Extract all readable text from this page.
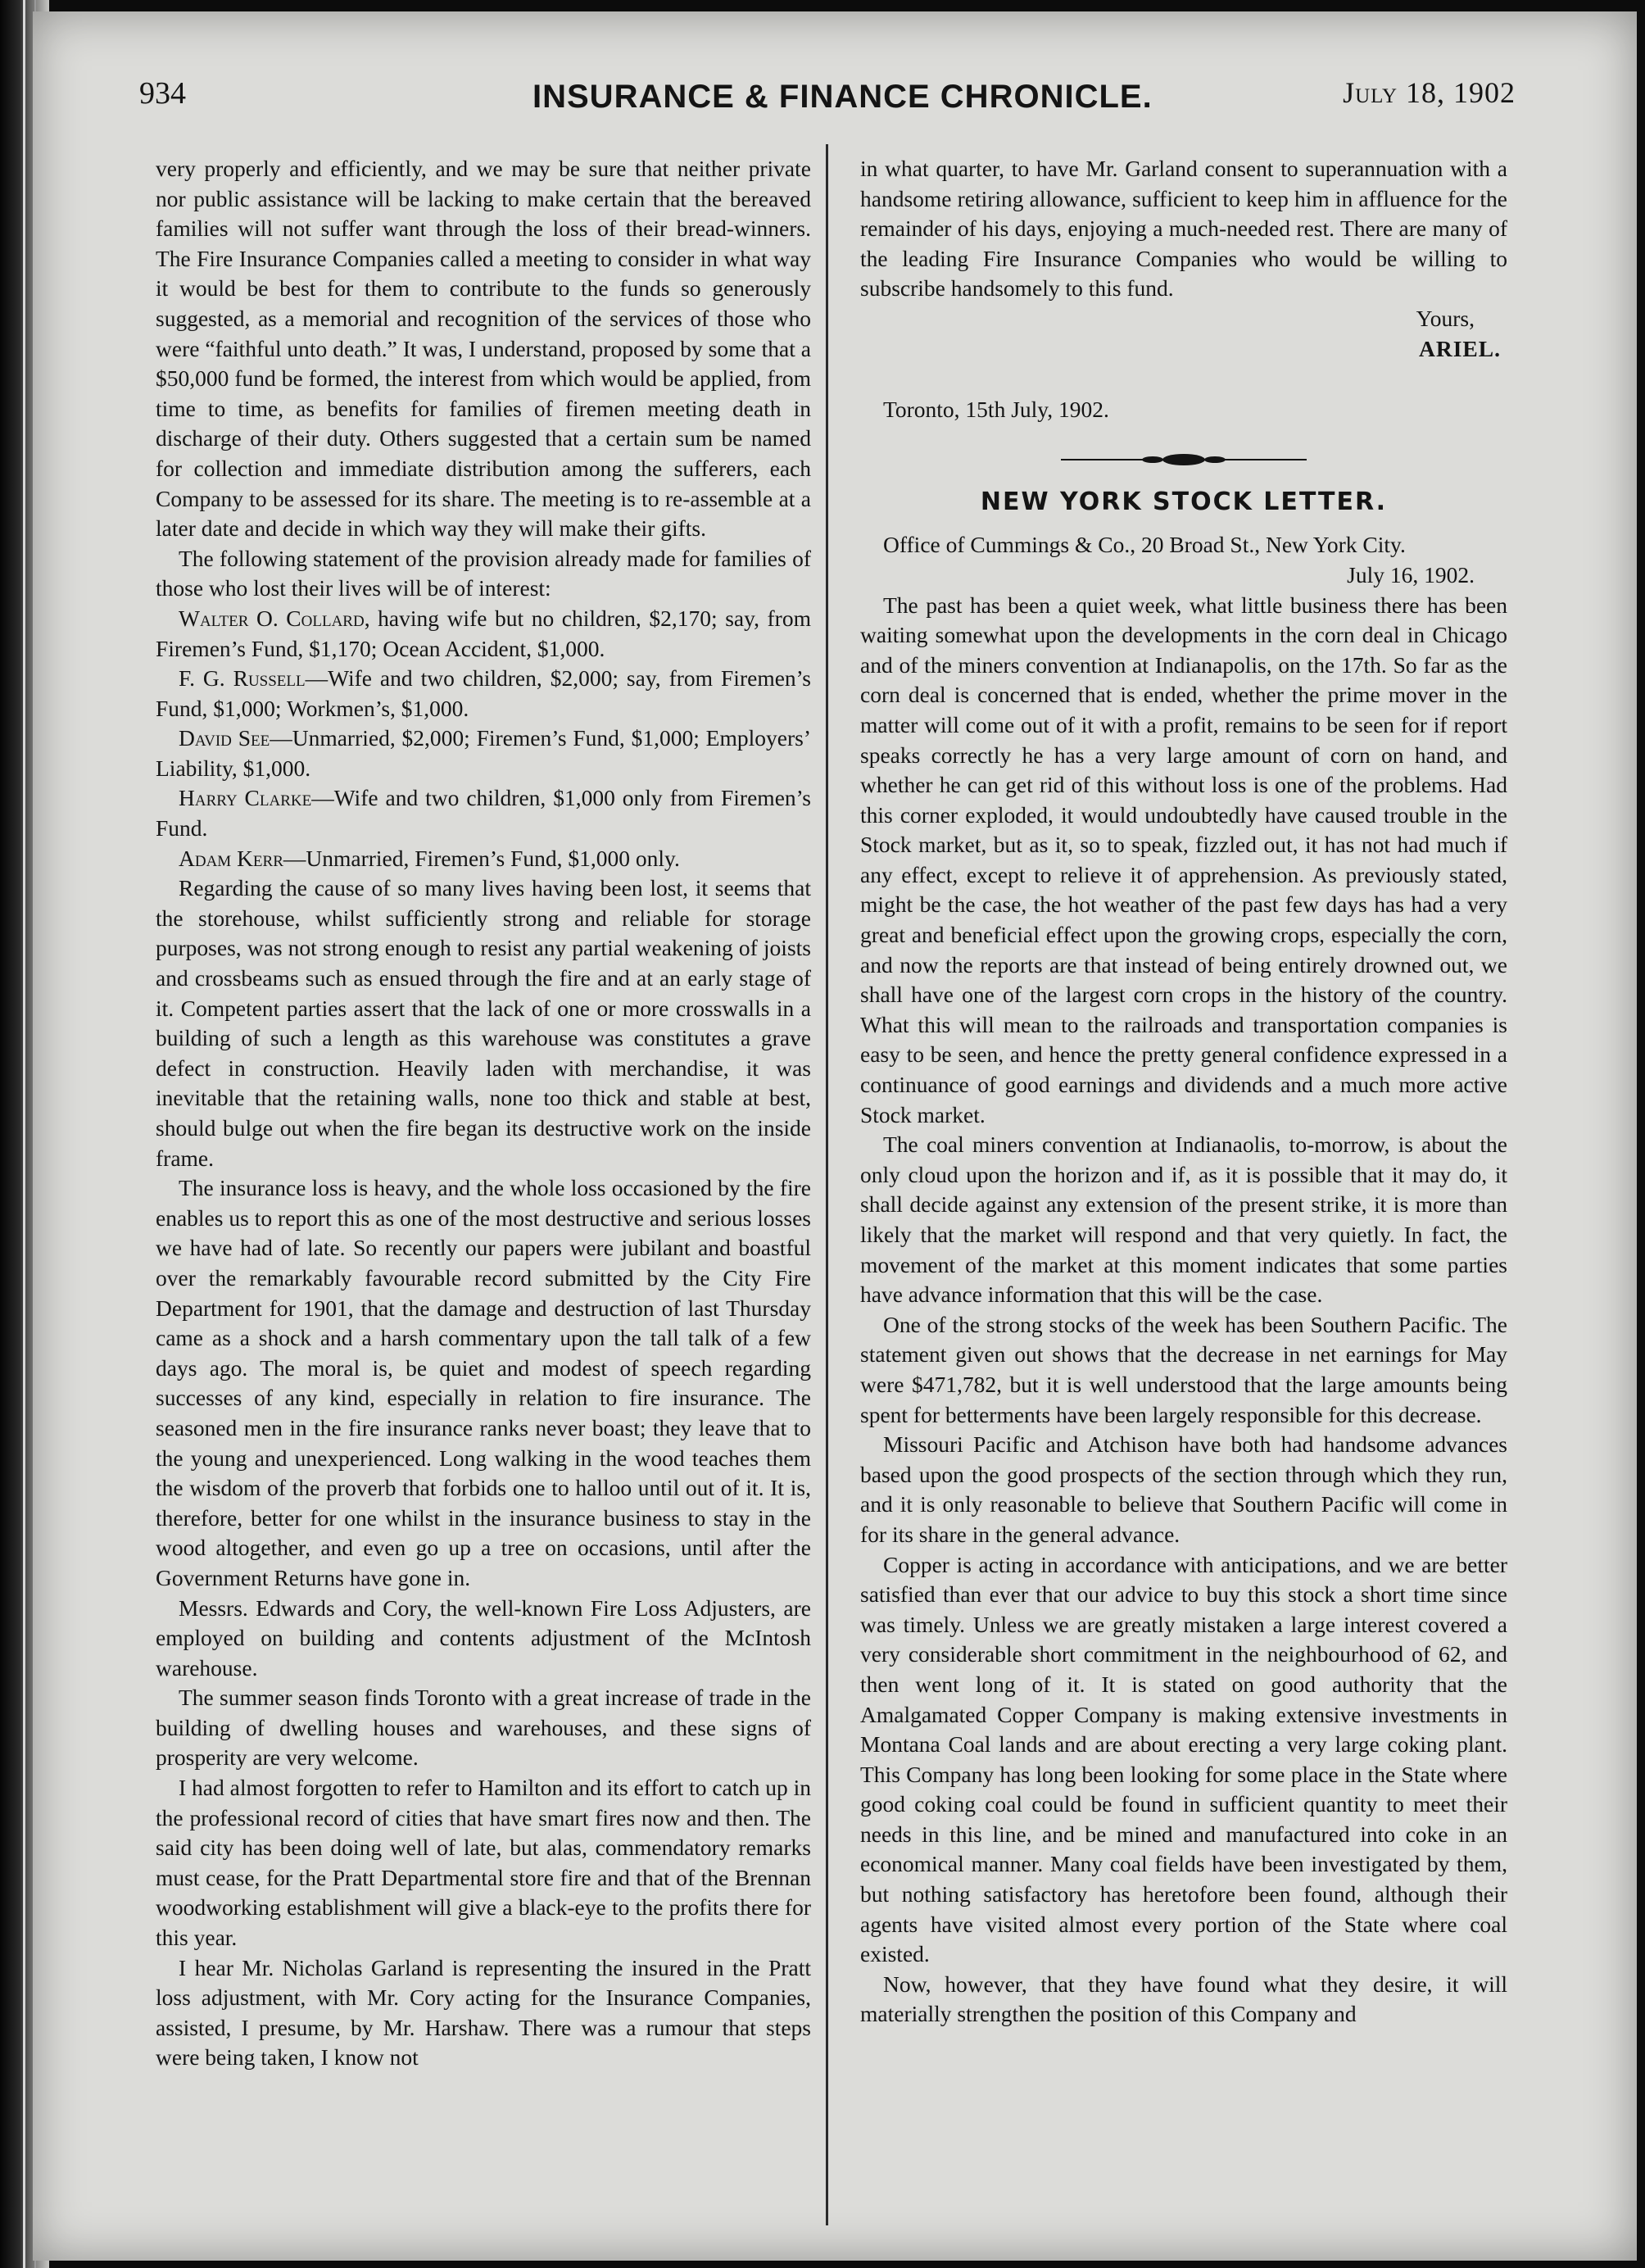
934	INSURANCE & FINANCE CHRONICLE.	July 18, 1902

very properly and efficiently, and we may be sure that neither private nor public assistance will be lacking to make certain that the bereaved families will not suffer want through the loss of their bread-winners. The Fire Insurance Companies called a meeting to consider in what way it would be best for them to contribute to the funds so generously suggested, as a memorial and recognition of the services of those who were “faithful unto death.” It was, I understand, proposed by some that a $50,000 fund be formed, the interest from which would be applied, from time to time, as benefits for families of firemen meeting death in discharge of their duty. Others suggested that a certain sum be named for collection and immediate distribution among the sufferers, each Company to be assessed for its share. The meeting is to re-assemble at a later date and decide in which way they will make their gifts.

The following statement of the provision already made for families of those who lost their lives will be of interest:

Walter O. Collard, having wife but no children, $2,170; say, from Firemen’s Fund, $1,170; Ocean Accident, $1,000.

F. G. Russell—Wife and two children, $2,000; say, from Firemen’s Fund, $1,000; Workmen’s, $1,000.

David See—Unmarried, $2,000; Firemen’s Fund, $1,000; Employers’ Liability, $1,000.

Harry Clarke—Wife and two children, $1,000 only from Firemen’s Fund.

Adam Kerr—Unmarried, Firemen’s Fund, $1,000 only.

Regarding the cause of so many lives having been lost, it seems that the storehouse, whilst sufficiently strong and reliable for storage purposes, was not strong enough to resist any partial weakening of joists and crossbeams such as ensued through the fire and at an early stage of it. Competent parties assert that the lack of one or more crosswalls in a building of such a length as this warehouse was constitutes a grave defect in construction. Heavily laden with merchandise, it was inevitable that the retaining walls, none too thick and stable at best, should bulge out when the fire began its destructive work on the inside frame.

The insurance loss is heavy, and the whole loss occasioned by the fire enables us to report this as one of the most destructive and serious losses we have had of late. So recently our papers were jubilant and boastful over the remarkably favourable record submitted by the City Fire Department for 1901, that the damage and destruction of last Thursday came as a shock and a harsh commentary upon the tall talk of a few days ago. The moral is, be quiet and modest of speech regarding successes of any kind, especially in relation to fire insurance. The seasoned men in the fire insurance ranks never boast; they leave that to the young and unexperienced. Long walking in the wood teaches them the wisdom of the proverb that forbids one to halloo until out of it. It is, therefore, better for one whilst in the insurance business to stay in the wood altogether, and even go up a tree on occasions, until after the Government Returns have gone in.

Messrs. Edwards and Cory, the well-known Fire Loss Adjusters, are employed on building and contents adjustment of the McIntosh warehouse.

The summer season finds Toronto with a great increase of trade in the building of dwelling houses and warehouses, and these signs of prosperity are very welcome.

I had almost forgotten to refer to Hamilton and its effort to catch up in the professional record of cities that have smart fires now and then. The said city has been doing well of late, but alas, commendatory remarks must cease, for the Pratt Departmental store fire and that of the Brennan woodworking establishment will give a black-eye to the profits there for this year.

I hear Mr. Nicholas Garland is representing the insured in the Pratt loss adjustment, with Mr. Cory acting for the Insurance Companies, assisted, I presume, by Mr. Harshaw. There was a rumour that steps were being taken, I know not

in what quarter, to have Mr. Garland consent to superannuation with a handsome retiring allowance, sufficient to keep him in affluence for the remainder of his days, enjoying a much-needed rest. There are many of the leading Fire Insurance Companies who would be willing to subscribe handsomely to this fund.

Yours,

ARIEL.

Toronto, 15th July, 1902.

NEW YORK STOCK LETTER.

Office of Cummings & Co., 20 Broad St., New York City.

July 16, 1902.

The past has been a quiet week, what little business there has been waiting somewhat upon the developments in the corn deal in Chicago and of the miners convention at Indianapolis, on the 17th. So far as the corn deal is concerned that is ended, whether the prime mover in the matter will come out of it with a profit, remains to be seen for if report speaks correctly he has a very large amount of corn on hand, and whether he can get rid of this without loss is one of the problems. Had this corner exploded, it would undoubtedly have caused trouble in the Stock market, but as it, so to speak, fizzled out, it has not had much if any effect, except to relieve it of apprehension. As previously stated, might be the case, the hot weather of the past few days has had a very great and beneficial effect upon the growing crops, especially the corn, and now the reports are that instead of being entirely drowned out, we shall have one of the largest corn crops in the history of the country. What this will mean to the railroads and transportation companies is easy to be seen, and hence the pretty general confidence expressed in a continuance of good earnings and dividends and a much more active Stock market.

The coal miners convention at Indianaolis, to-morrow, is about the only cloud upon the horizon and if, as it is possible that it may do, it shall decide against any extension of the present strike, it is more than likely that the market will respond and that very quietly. In fact, the movement of the market at this moment indicates that some parties have advance information that this will be the case.

One of the strong stocks of the week has been Southern Pacific. The statement given out shows that the decrease in net earnings for May were $471,782, but it is well understood that the large amounts being spent for betterments have been largely responsible for this decrease.

Missouri Pacific and Atchison have both had handsome advances based upon the good prospects of the section through which they run, and it is only reasonable to believe that Southern Pacific will come in for its share in the general advance.

Copper is acting in accordance with anticipations, and we are better satisfied than ever that our advice to buy this stock a short time since was timely. Unless we are greatly mistaken a large interest covered a very considerable short commitment in the neighbourhood of 62, and then went long of it. It is stated on good authority that the Amalgamated Copper Company is making extensive investments in Montana Coal lands and are about erecting a very large coking plant. This Company has long been looking for some place in the State where good coking coal could be found in sufficient quantity to meet their needs in this line, and be mined and manufactured into coke in an economical manner. Many coal fields have been investigated by them, but nothing satisfactory has heretofore been found, although their agents have visited almost every portion of the State where coal existed.

Now, however, that they have found what they desire, it will materially strengthen the position of this Company and
